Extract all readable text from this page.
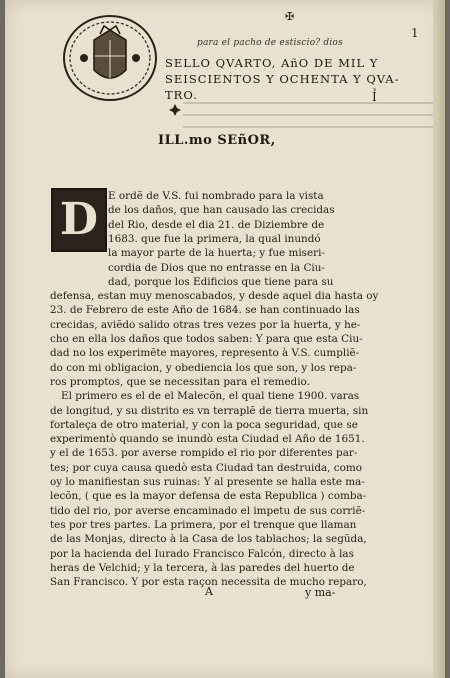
✠
1
para el pacho de estiscio? dios
SELLO QVARTO, AñO DE MIL Y
SEISCIENTOS Y OCHENTA Y QVA-
TRO.	Ỉ
ILL.mo SEñOR,
D E ordẽ de V.S. fui nombrado para la vista
de los daños, que han causado las crecidas
del Rio, desde el dia 21. de Diziembre de
1683. que fue la primera, la qual inundó
la mayor parte de la huerta; y fue miseri-
cordia de Dios que no entrasse en la Ciu-
dad, porque los Edificios que tiene para su
defensa, estan muy menoscabados, y desde aquel dia hasta oy
23. de Febrero de este Año de 1684. se han continuado las
crecidas, aviẽdo salido otras tres vezes por la huerta, y he-
cho en ella los daños que todos saben: Y para que esta Ciu-
dad no los experimẽte mayores, represento à V.S. cumpliẽ-
do con mi obligacion, y obediencia los que son, y los repa-
ros promptos, que se necessitan para el remedio.
El primero es el de el Malecõn, el qual tiene 1900. varas
de longitud, y su distrito es vn terraplẽ de tierra muerta, sin
fortaleça de otro material, y con la poca seguridad, que se
experimentò quando se inundò esta Ciudad el Año de 1651.
y el de 1653. por averse rompido el rio por diferentes par-
tes; por cuya causa quedò esta Ciudad tan destruida, como
oy lo manifiestan sus ruinas: Y al presente se halla este ma-
lecõn, ( que es la mayor defensa de esta Republica ) comba-
tido del rio, por averse encaminado el impetu de sus corriẽ-
tes por tres partes. La primera, por el trenque que llaman
de las Monjas, directo à la Casa de los tablachos; la segũda,
por la hacienda del Iurado Francisco Falcón, directo à las
heras de Velchid; y la tercera, à las paredes del huerto de
San Francisco. Y por esta raçon necessita de mucho reparo,
A	y ma-
